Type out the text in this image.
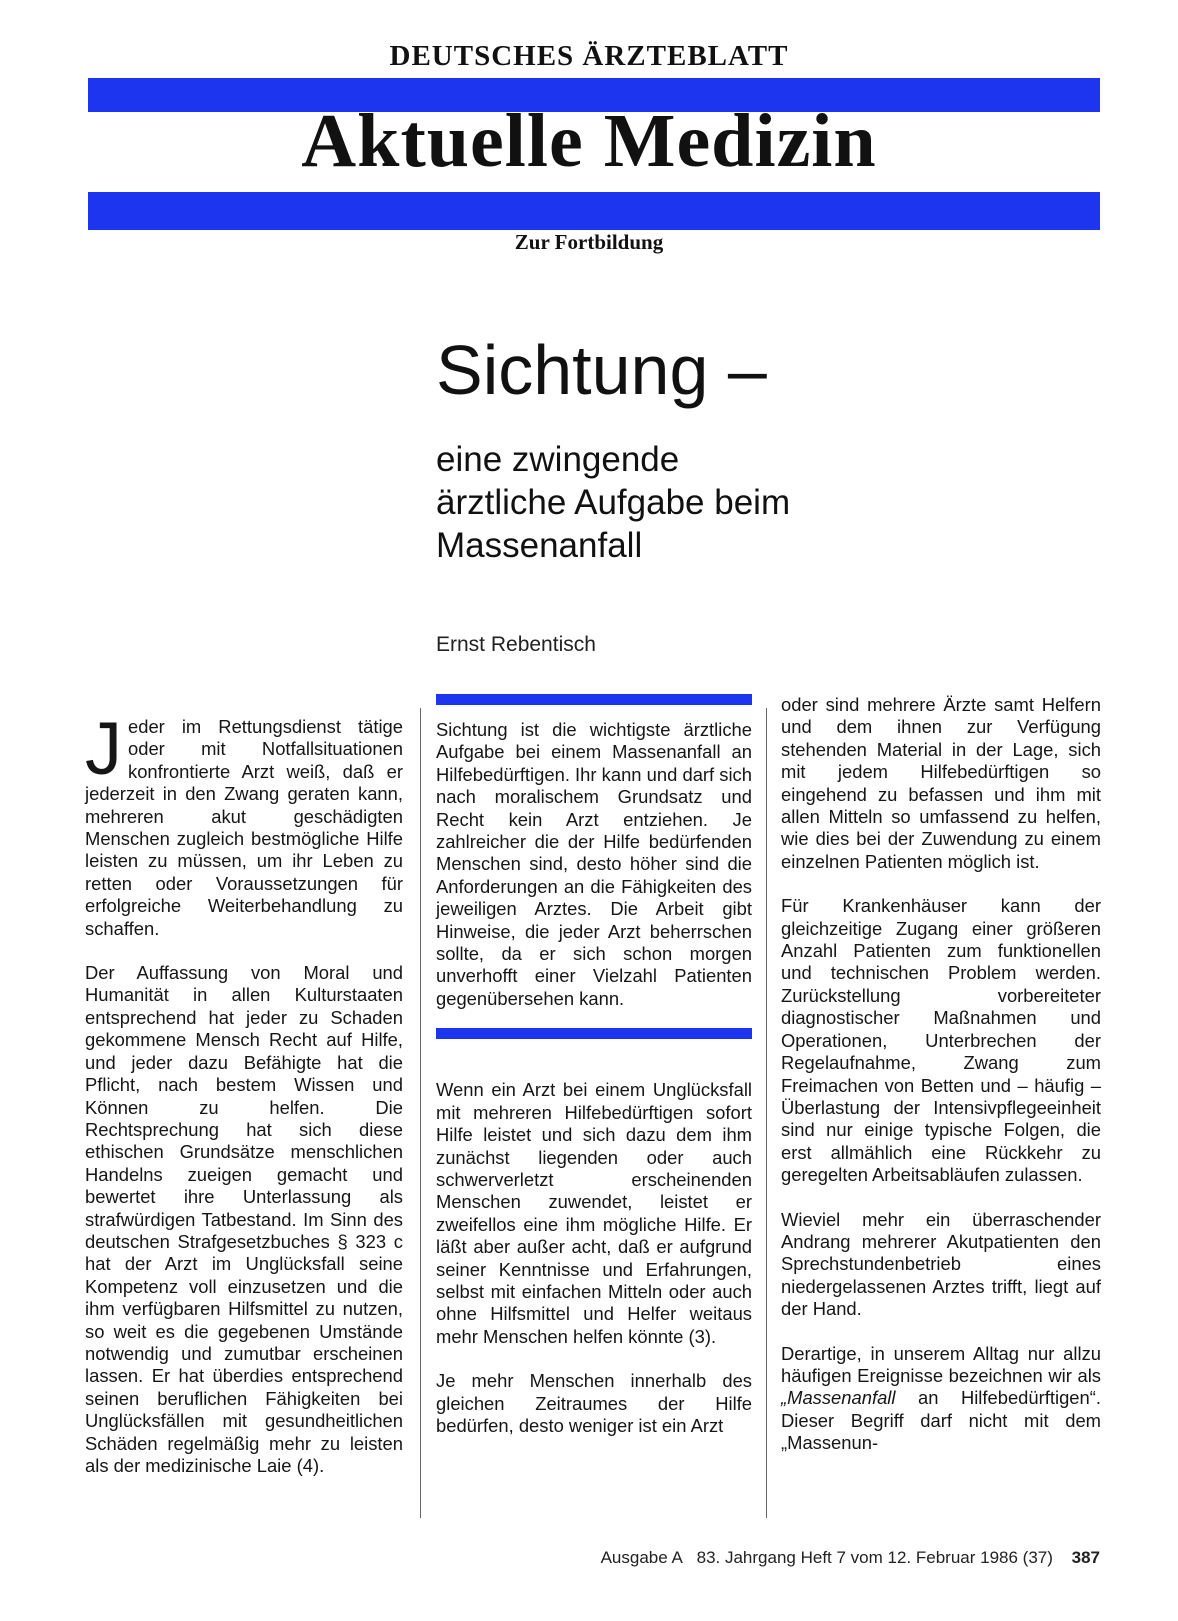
DEUTSCHES ÄRZTEBLATT
Aktuelle Medizin
Zur Fortbildung
Sichtung –
eine zwingende
ärztliche Aufgabe beim
Massenanfall
Ernst Rebentisch

Jeder im Rettungsdienst tätige oder mit Notfallsituationen konfrontierte Arzt weiß, daß er jederzeit in den Zwang geraten kann, mehreren akut geschädigten Menschen zugleich bestmögliche Hilfe leisten zu müssen, um ihr Leben zu retten oder Voraussetzungen für erfolgreiche Weiterbehandlung zu schaffen.

Der Auffassung von Moral und Humanität in allen Kulturstaaten entsprechend hat jeder zu Schaden gekommene Mensch Recht auf Hilfe, und jeder dazu Befähigte hat die Pflicht, nach bestem Wissen und Können zu helfen. Die Rechtsprechung hat sich diese ethischen Grundsätze menschlichen Handelns zueigen gemacht und bewertet ihre Unterlassung als strafwürdigen Tatbestand. Im Sinn des deutschen Strafgesetzbuches § 323 c hat der Arzt im Unglücksfall seine Kompetenz voll einzusetzen und die ihm verfügbaren Hilfsmittel zu nutzen, so weit es die gegebenen Umstände notwendig und zumutbar erscheinen lassen. Er hat überdies entsprechend seinen beruflichen Fähigkeiten bei Unglücksfällen mit gesundheitlichen Schäden regelmäßig mehr zu leisten als der medizinische Laie (4).

Sichtung ist die wichtigste ärztliche Aufgabe bei einem Massenanfall an Hilfebedürftigen. Ihr kann und darf sich nach moralischem Grundsatz und Recht kein Arzt entziehen. Je zahlreicher die der Hilfe bedürfenden Menschen sind, desto höher sind die Anforderungen an die Fähigkeiten des jeweiligen Arztes. Die Arbeit gibt Hinweise, die jeder Arzt beherrschen sollte, da er sich schon morgen unverhofft einer Vielzahl Patienten gegenübersehen kann.

Wenn ein Arzt bei einem Unglücksfall mit mehreren Hilfebedürftigen sofort Hilfe leistet und sich dazu dem ihm zunächst liegenden oder auch schwerverletzt erscheinenden Menschen zuwendet, leistet er zweifellos eine ihm mögliche Hilfe. Er läßt aber außer acht, daß er aufgrund seiner Kenntnisse und Erfahrungen, selbst mit einfachen Mitteln oder auch ohne Hilfsmittel und Helfer weitaus mehr Menschen helfen könnte (3).

Je mehr Menschen innerhalb des gleichen Zeitraumes der Hilfe bedürfen, desto weniger ist ein Arzt

oder sind mehrere Ärzte samt Helfern und dem ihnen zur Verfügung stehenden Material in der Lage, sich mit jedem Hilfebedürftigen so eingehend zu befassen und ihm mit allen Mitteln so umfassend zu helfen, wie dies bei der Zuwendung zu einem einzelnen Patienten möglich ist.

Für Krankenhäuser kann der gleichzeitige Zugang einer größeren Anzahl Patienten zum funktionellen und technischen Problem werden. Zurückstellung vorbereiteter diagnostischer Maßnahmen und Operationen, Unterbrechen der Regelaufnahme, Zwang zum Freimachen von Betten und – häufig – Überlastung der Intensivpflegeeinheit sind nur einige typische Folgen, die erst allmählich eine Rückkehr zu geregelten Arbeitsabläufen zulassen.

Wieviel mehr ein überraschender Andrang mehrerer Akutpatienten den Sprechstundenbetrieb eines niedergelassenen Arztes trifft, liegt auf der Hand.

Derartige, in unserem Alltag nur allzu häufigen Ereignisse bezeichnen wir als „Massenanfall an Hilfebedürftigen“. Dieser Begriff darf nicht mit dem „Massenun-

Ausgabe A 83. Jahrgang Heft 7 vom 12. Februar 1986 (37) 387
